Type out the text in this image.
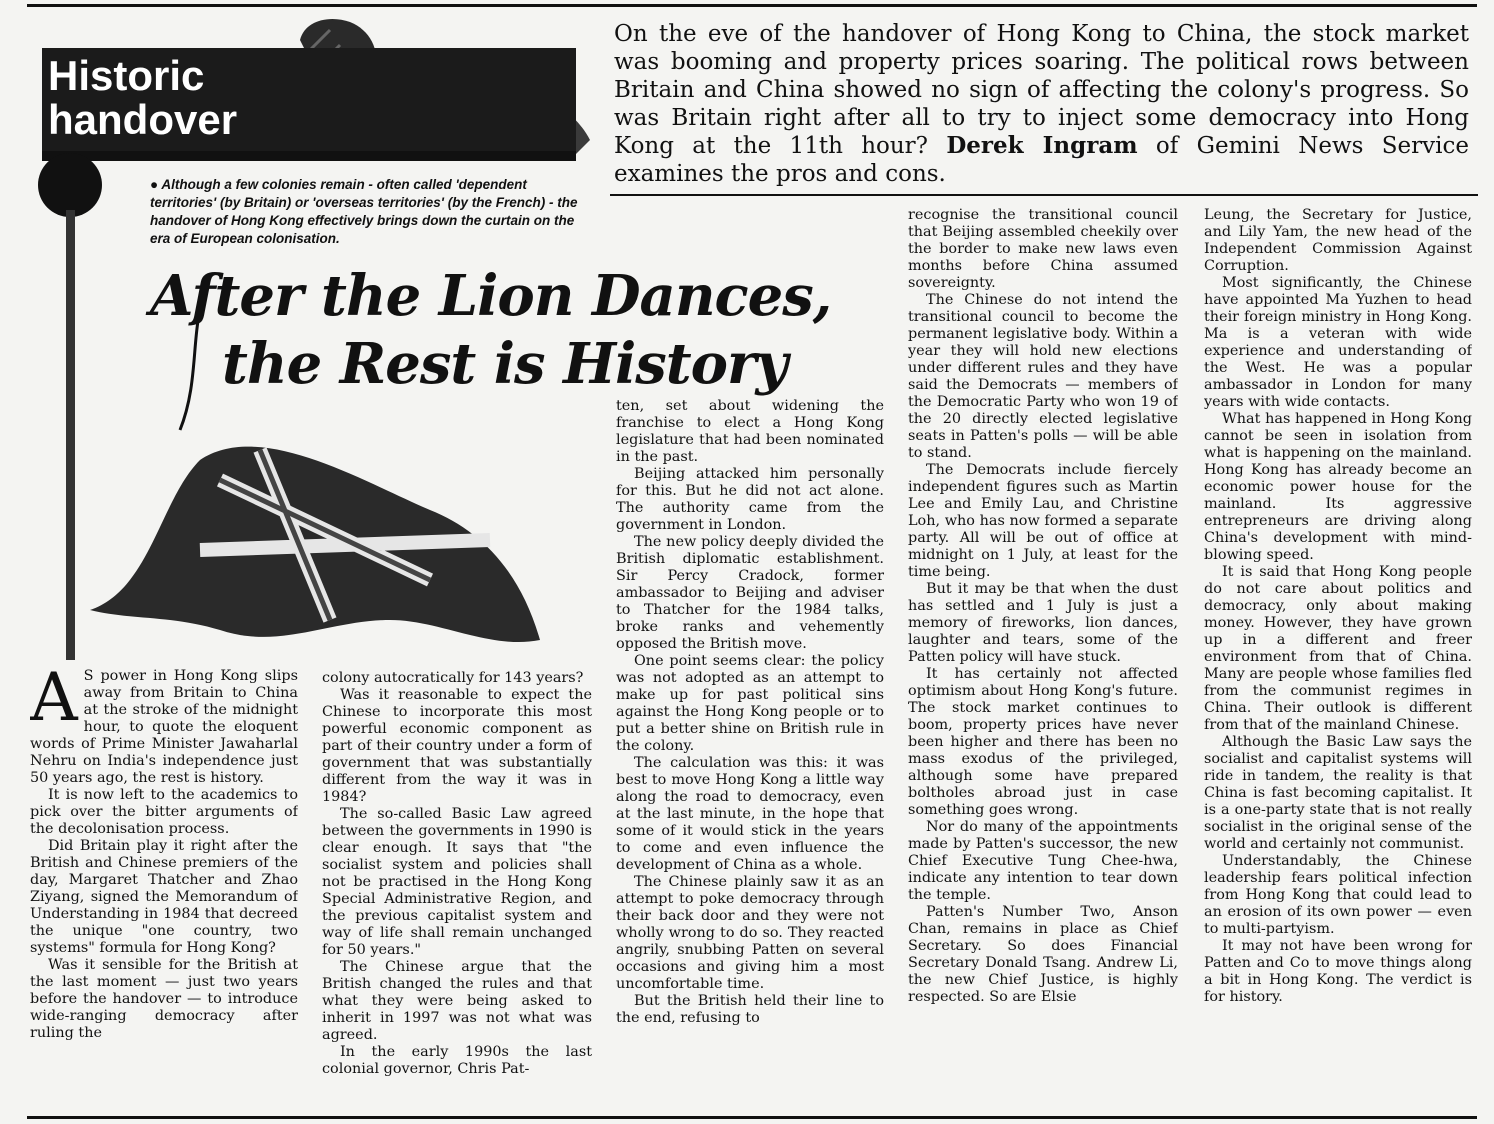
Historic
handover
● Although a few colonies remain - often called 'dependent territories' (by Britain) or 'overseas territories' (by the French) - the handover of Hong Kong effectively brings down the curtain on the era of European colonisation.
On the eve of the handover of Hong Kong to China, the stock market was booming and property prices soaring. The political rows between Britain and China showed no sign of affecting the colony's progress. So was Britain right after all to try to inject some democracy into Hong Kong at the 11th hour? Derek Ingram of Gemini News Service examines the pros and cons.
After the Lion Dances,
the Rest is History

A S power in Hong Kong slips away from Britain to China at the stroke of the midnight hour, to quote the eloquent words of Prime Minister Jawaharlal Nehru on India's independence just 50 years ago, the rest is history.

It is now left to the academics to pick over the bitter arguments of the decolonisation process.

Did Britain play it right after the British and Chinese premiers of the day, Margaret Thatcher and Zhao Ziyang, signed the Memorandum of Understanding in 1984 that decreed the unique "one country, two systems" formula for Hong Kong?

Was it sensible for the British at the last moment — just two years before the handover — to introduce wide-ranging democracy after ruling the

colony autocratically for 143 years?

Was it reasonable to expect the Chinese to incorporate this most powerful economic component as part of their country under a form of government that was substantially different from the way it was in 1984?

The so-called Basic Law agreed between the governments in 1990 is clear enough. It says that "the socialist system and policies shall not be practised in the Hong Kong Special Administrative Region, and the previous capitalist system and way of life shall remain unchanged for 50 years."

The Chinese argue that the British changed the rules and that what they were being asked to inherit in 1997 was not what was agreed.

In the early 1990s the last colonial governor, Chris Pat-

ten, set about widening the franchise to elect a Hong Kong legislature that had been nominated in the past.

Beijing attacked him personally for this. But he did not act alone. The authority came from the government in London.

The new policy deeply divided the British diplomatic establishment. Sir Percy Cradock, former ambassador to Beijing and adviser to Thatcher for the 1984 talks, broke ranks and vehemently opposed the British move.

One point seems clear: the policy was not adopted as an attempt to make up for past political sins against the Hong Kong people or to put a better shine on British rule in the colony.

The calculation was this: it was best to move Hong Kong a little way along the road to democracy, even at the last minute, in the hope that some of it would stick in the years to come and even influence the development of China as a whole.

The Chinese plainly saw it as an attempt to poke democracy through their back door and they were not wholly wrong to do so. They reacted angrily, snubbing Patten on several occasions and giving him a most uncomfortable time.

But the British held their line to the end, refusing to

recognise the transitional council that Beijing assembled cheekily over the border to make new laws even months before China assumed sovereignty.

The Chinese do not intend the transitional council to become the permanent legislative body. Within a year they will hold new elections under different rules and they have said the Democrats — members of the Democratic Party who won 19 of the 20 directly elected legislative seats in Patten's polls — will be able to stand.

The Democrats include fiercely independent figures such as Martin Lee and Emily Lau, and Christine Loh, who has now formed a separate party. All will be out of office at midnight on 1 July, at least for the time being.

But it may be that when the dust has settled and 1 July is just a memory of fireworks, lion dances, laughter and tears, some of the Patten policy will have stuck.

It has certainly not affected optimism about Hong Kong's future. The stock market continues to boom, property prices have never been higher and there has been no mass exodus of the privileged, although some have prepared boltholes abroad just in case something goes wrong.

Nor do many of the appointments made by Patten's successor, the new Chief Executive Tung Chee-hwa, indicate any intention to tear down the temple.

Patten's Number Two, Anson Chan, remains in place as Chief Secretary. So does Financial Secretary Donald Tsang. Andrew Li, the new Chief Justice, is highly respected. So are Elsie

Leung, the Secretary for Justice, and Lily Yam, the new head of the Independent Commission Against Corruption.

Most significantly, the Chinese have appointed Ma Yuzhen to head their foreign ministry in Hong Kong. Ma is a veteran with wide experience and understanding of the West. He was a popular ambassador in London for many years with wide contacts.

What has happened in Hong Kong cannot be seen in isolation from what is happening on the mainland. Hong Kong has already become an economic power house for the mainland. Its aggressive entrepreneurs are driving along China's development with mind-blowing speed.

It is said that Hong Kong people do not care about politics and democracy, only about making money. However, they have grown up in a different and freer environment from that of China. Many are people whose families fled from the communist regimes in China. Their outlook is different from that of the mainland Chinese.

Although the Basic Law says the socialist and capitalist systems will ride in tandem, the reality is that China is fast becoming capitalist. It is a one-party state that is not really socialist in the original sense of the world and certainly not communist.

Understandably, the Chinese leadership fears political infection from Hong Kong that could lead to an erosion of its own power — even to multi-partyism.

It may not have been wrong for Patten and Co to move things along a bit in Hong Kong. The verdict is for history.
